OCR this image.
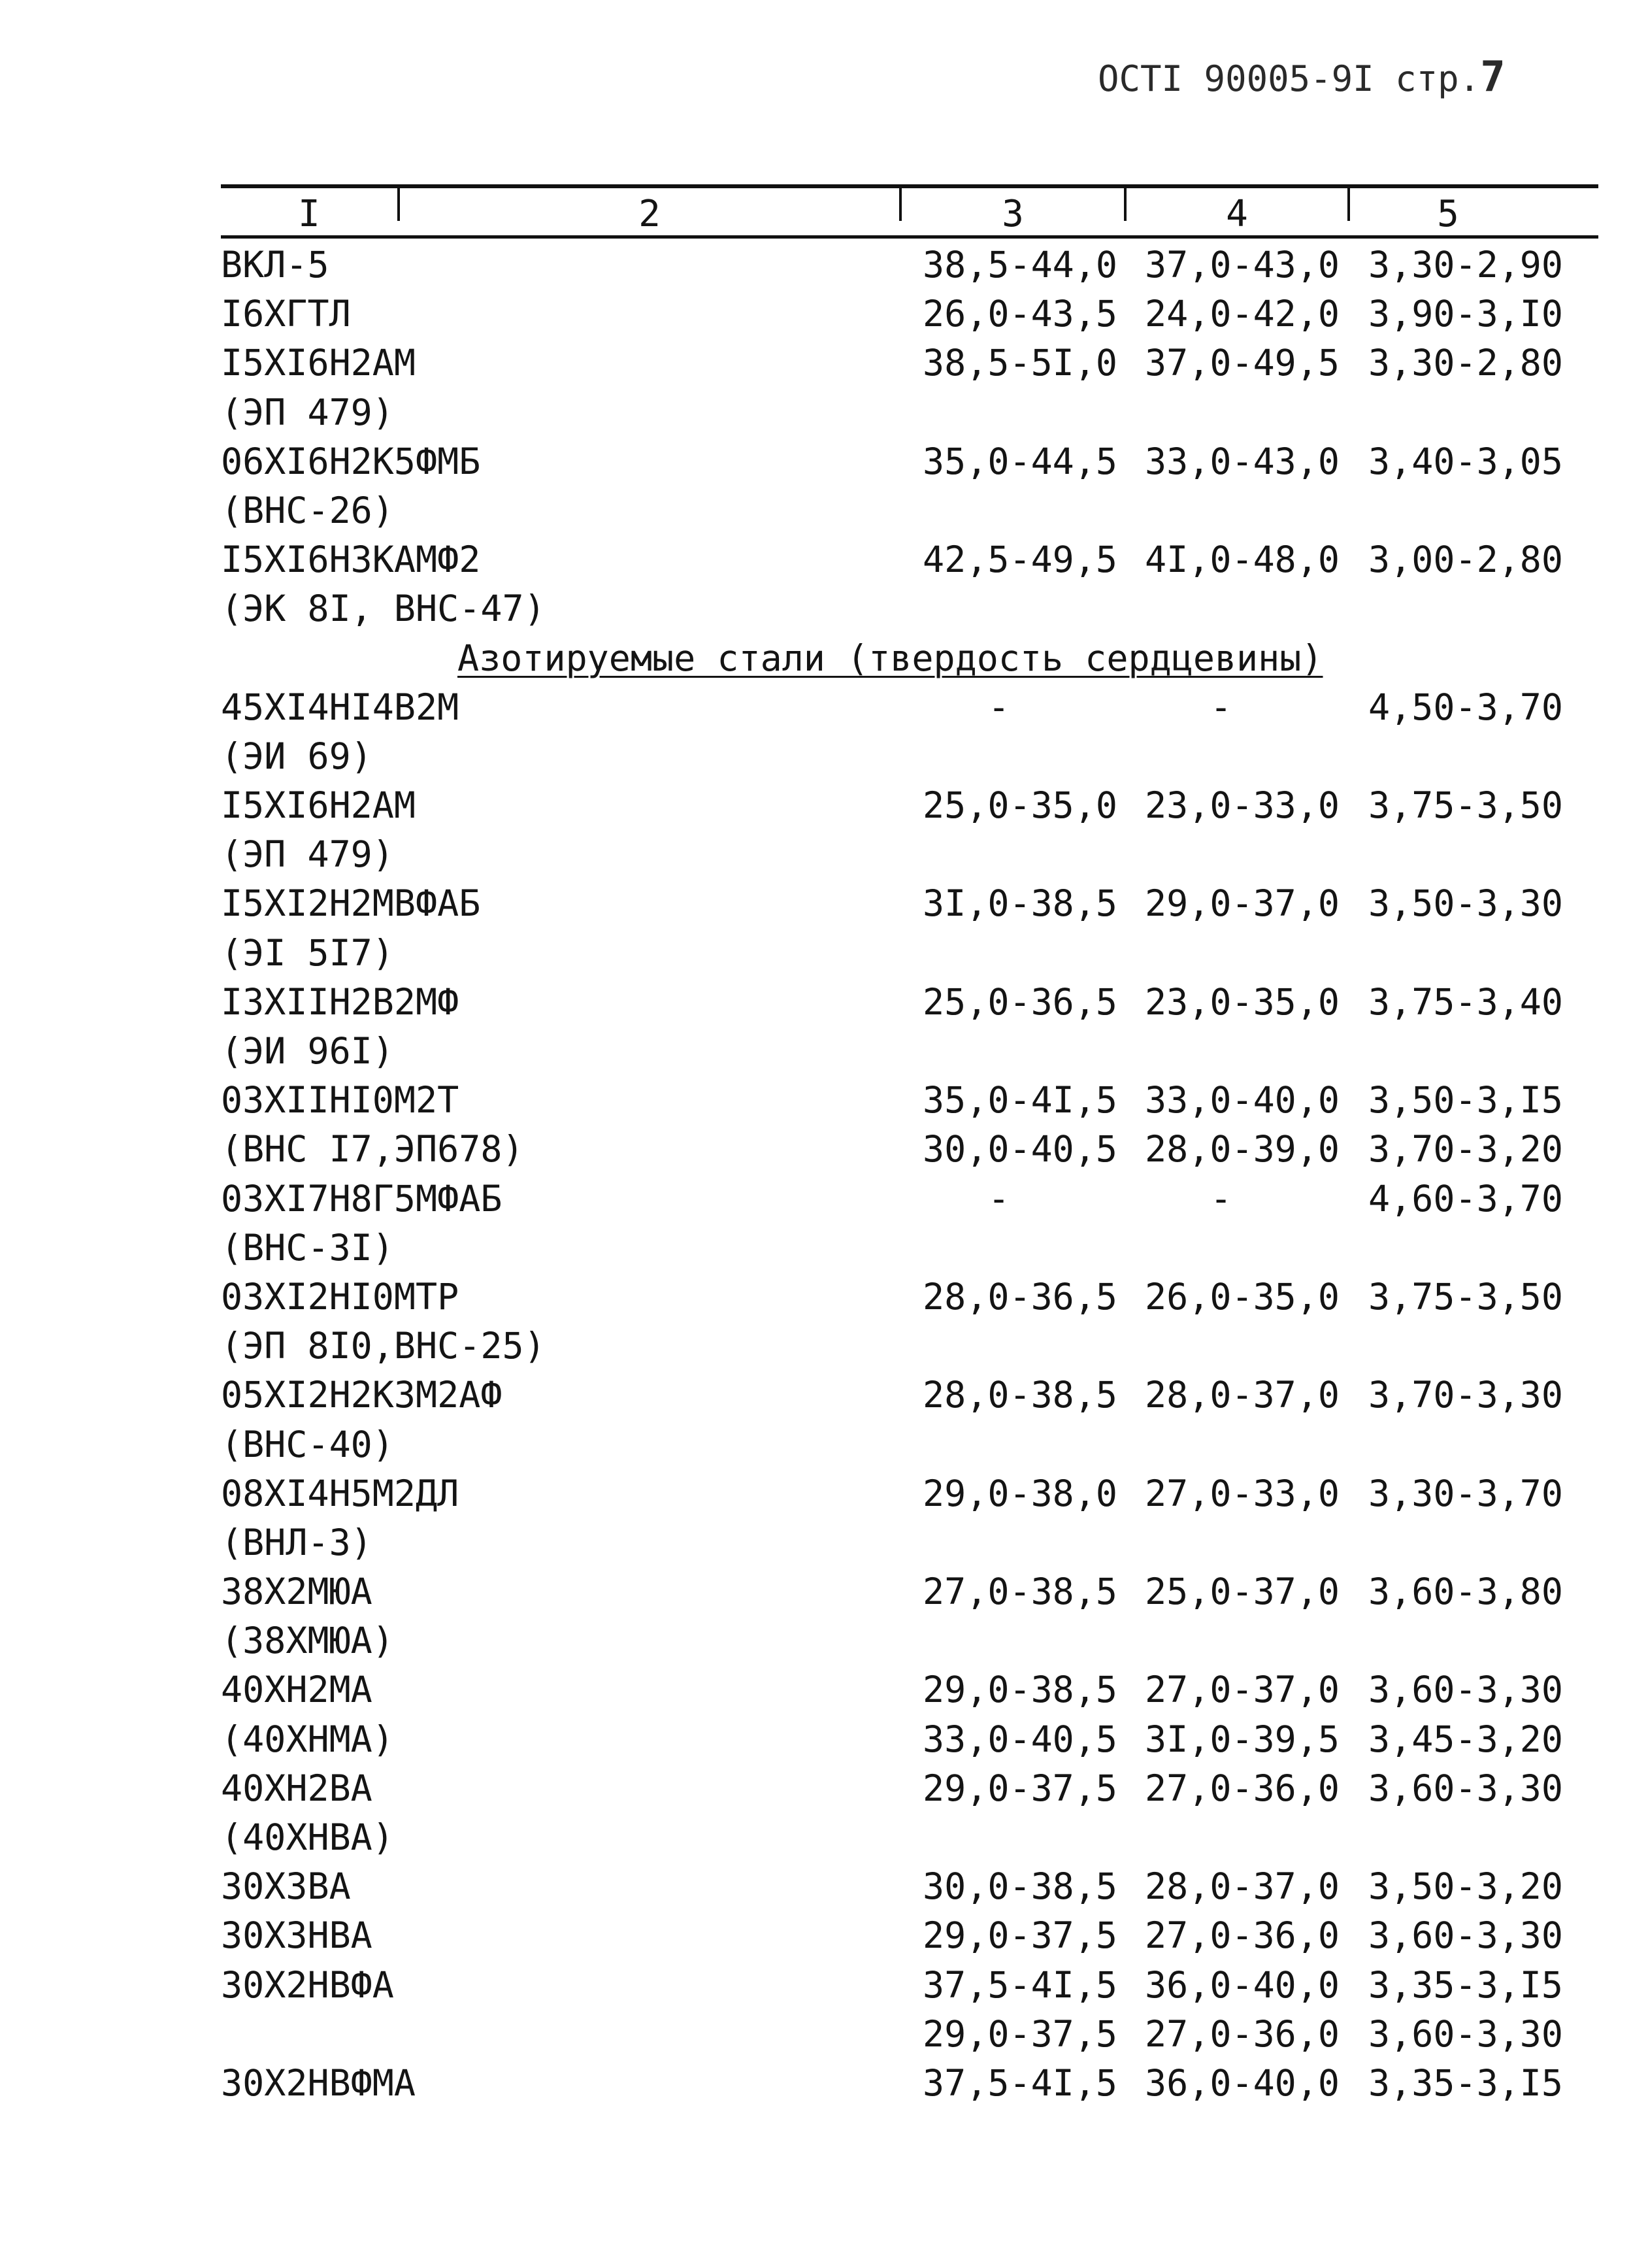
ОСТI 90005-9I стр.7
I	2	3	4	5
ВКЛ-5	38,5-44,0 37,0-43,0 3,30-2,90
I6ХГТЛ	26,0-43,5 24,0-42,0 3,90-3,I0
I5ХI6Н2АМ	38,5-5I,0 37,0-49,5 3,30-2,80
(ЭП 479)
06ХI6Н2К5ФМБ	35,0-44,5 33,0-43,0 3,40-3,05
(ВНС-26)
I5ХI6Н3КАМФ2	42,5-49,5 4I,0-48,0 3,00-2,80
(ЭК 8I, ВНС-47)
Азотируемые стали (твердость сердцевины)
45ХI4НI4В2М	-	-	4,50-3,70
(ЭИ 69)
I5ХI6Н2АМ	25,0-35,0 23,0-33,0 3,75-3,50
(ЭП 479)
I5ХI2Н2МВФАБ	3I,0-38,5 29,0-37,0 3,50-3,30
(ЭI 5I7)
I3ХIIН2В2МФ	25,0-36,5 23,0-35,0 3,75-3,40
(ЭИ 96I)
03ХIIНI0М2Т	35,0-4I,5 33,0-40,0 3,50-3,I5
(ВНС I7,ЭП678)	30,0-40,5 28,0-39,0 3,70-3,20
03ХI7Н8Г5МФАБ	-	-	4,60-3,70
(ВНС-3I)
03ХI2НI0МТР	28,0-36,5 26,0-35,0 3,75-3,50
(ЭП 8I0,ВНС-25)
05ХI2Н2К3М2АФ	28,0-38,5 28,0-37,0 3,70-3,30
(ВНС-40)
08ХI4Н5М2ДЛ	29,0-38,0 27,0-33,0 3,30-3,70
(ВНЛ-3)
38Х2МЮА	27,0-38,5 25,0-37,0 3,60-3,80
(38ХМЮА)
40ХН2МА	29,0-38,5 27,0-37,0 3,60-3,30
(40ХНМА)	33,0-40,5 3I,0-39,5 3,45-3,20
40ХН2ВА	29,0-37,5 27,0-36,0 3,60-3,30
(40ХНВА)
30Х3ВА	30,0-38,5 28,0-37,0 3,50-3,20
30Х3НВА	29,0-37,5 27,0-36,0 3,60-3,30
30Х2НВФА	37,5-4I,5 36,0-40,0 3,35-3,I5
29,0-37,5 27,0-36,0 3,60-3,30
30Х2НВФМА	37,5-4I,5 36,0-40,0 3,35-3,I5
